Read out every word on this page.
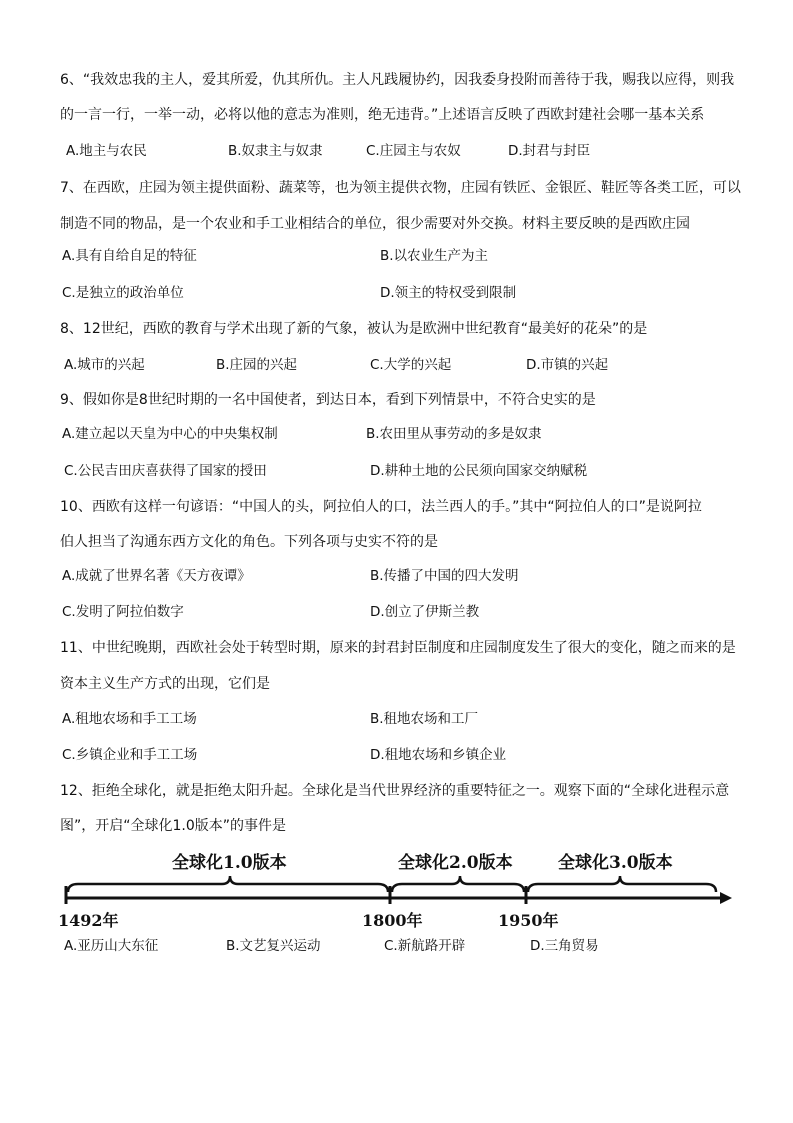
6、“我效忠我的主人，爱其所爱，仇其所仇。主人凡践履协约，因我委身投附而善待于我，赐我以应得，则我
的一言一行，一举一动，必将以他的意志为准则，绝无违背。”上述语言反映了西欧封建社会哪一基本关系
A.地主与农民	B.奴隶主与奴隶	C.庄园主与农奴	D.封君与封臣
7、在西欧，庄园为领主提供面粉、蔬菜等，也为领主提供衣物，庄园有铁匠、金银匠、鞋匠等各类工匠，可以
制造不同的物品，是一个农业和手工业相结合的单位，很少需要对外交换。材料主要反映的是西欧庄园
A.具有自给自足的特征	B.以农业生产为主
C.是独立的政治单位	D.领主的特权受到限制
8、12世纪，西欧的教育与学术出现了新的气象，被认为是欧洲中世纪教育“最美好的花朵”的是
A.城市的兴起	B.庄园的兴起	C.大学的兴起	D.市镇的兴起
9、假如你是8世纪时期的一名中国使者，到达日本，看到下列情景中，不符合史实的是
A.建立起以天皇为中心的中央集权制	B.农田里从事劳动的多是奴隶
C.公民吉田庆喜获得了国家的授田	D.耕种土地的公民须向国家交纳赋税
10、西欧有这样一句谚语：“中国人的头，阿拉伯人的口，法兰西人的手。”其中“阿拉伯人的口”是说阿拉
伯人担当了沟通东西方文化的角色。下列各项与史实不符的是
A.成就了世界名著《天方夜谭》	B.传播了中国的四大发明
C.发明了阿拉伯数字	D.创立了伊斯兰教
11、中世纪晚期，西欧社会处于转型时期，原来的封君封臣制度和庄园制度发生了很大的变化，随之而来的是
资本主义生产方式的出现，它们是
A.租地农场和手工工场	B.租地农场和工厂
C.乡镇企业和手工工场	D.租地农场和乡镇企业
12、拒绝全球化，就是拒绝太阳升起。全球化是当代世界经济的重要特征之一。观察下面的“全球化进程示意
图”，开启“全球化1.0版本”的事件是
全球化1.0版本	全球化2.0版本	全球化3.0版本
1492年	1800年	1950年
A.亚历山大东征	B.文艺复兴运动	C.新航路开辟	D.三角贸易
